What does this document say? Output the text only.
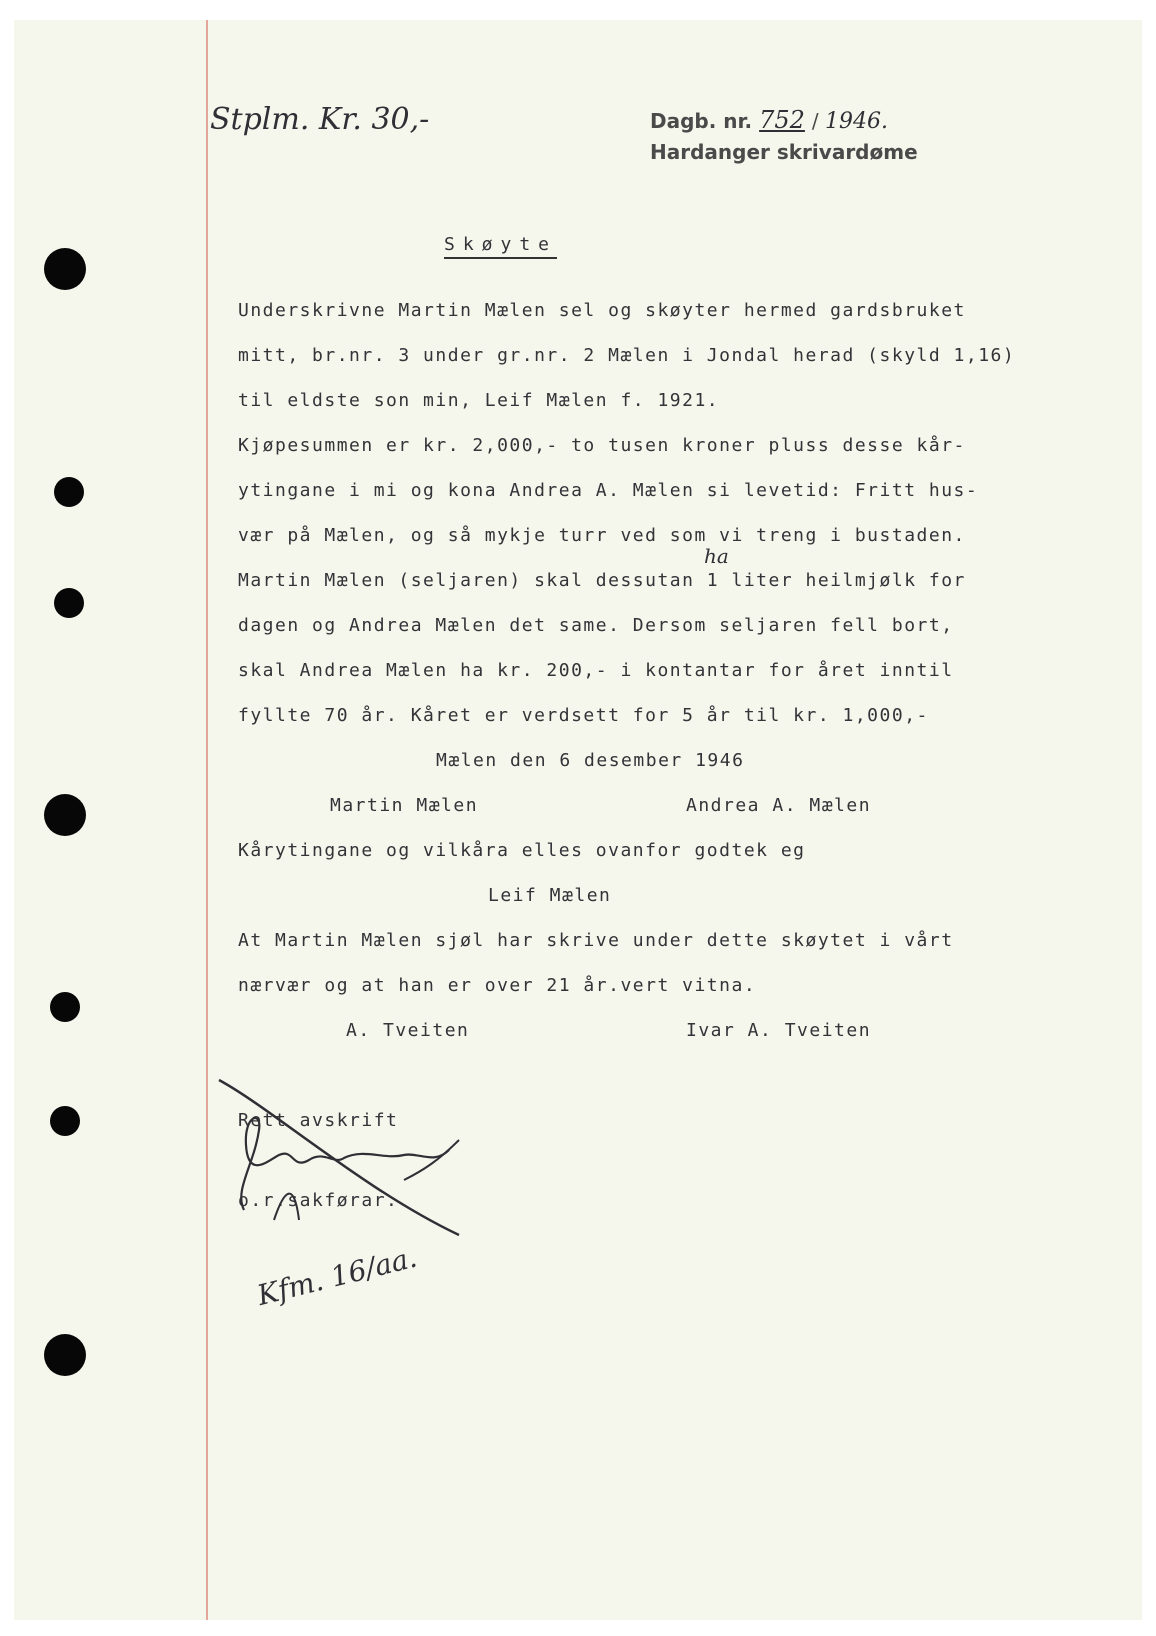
Stplm. Kr. 30,-	Dagb. nr. 752 / 1946.
Hardanger skrivardøme
Skøyte
Underskrivne Martin Mælen sel og skøyter hermed gardsbruket
mitt, br.nr. 3 under gr.nr. 2 Mælen i Jondal herad (skyld 1,16)
til eldste son min, Leif Mælen f. 1921.
Kjøpesummen er kr. 2,000,- to tusen kroner pluss desse kår-
ytingane i mi og kona Andrea A. Mælen si levetid: Fritt hus-
vær på Mælen, og så mykje turr ved som vi treng i bustaden.
ha
Martin Mælen (seljaren) skal dessutan 1 liter heilmjølk for
dagen og Andrea Mælen det same. Dersom seljaren fell bort,
skal Andrea Mælen ha kr. 200,- i kontantar for året inntil
fyllte 70 år. Kåret er verdsett for 5 år til kr. 1,000,-
Mælen den 6 desember 1946
Martin Mælen	Andrea A. Mælen
Kårytingane og vilkåra elles ovanfor godtek eg
Leif Mælen
At Martin Mælen sjøl har skrive under dette skøytet i vårt
nærvær og at han er over 21 år.vert vitna.
A. Tveiten	Ivar A. Tveiten
Rett avskrift
o.r.sakførar.
Kfm. 16/aa.
